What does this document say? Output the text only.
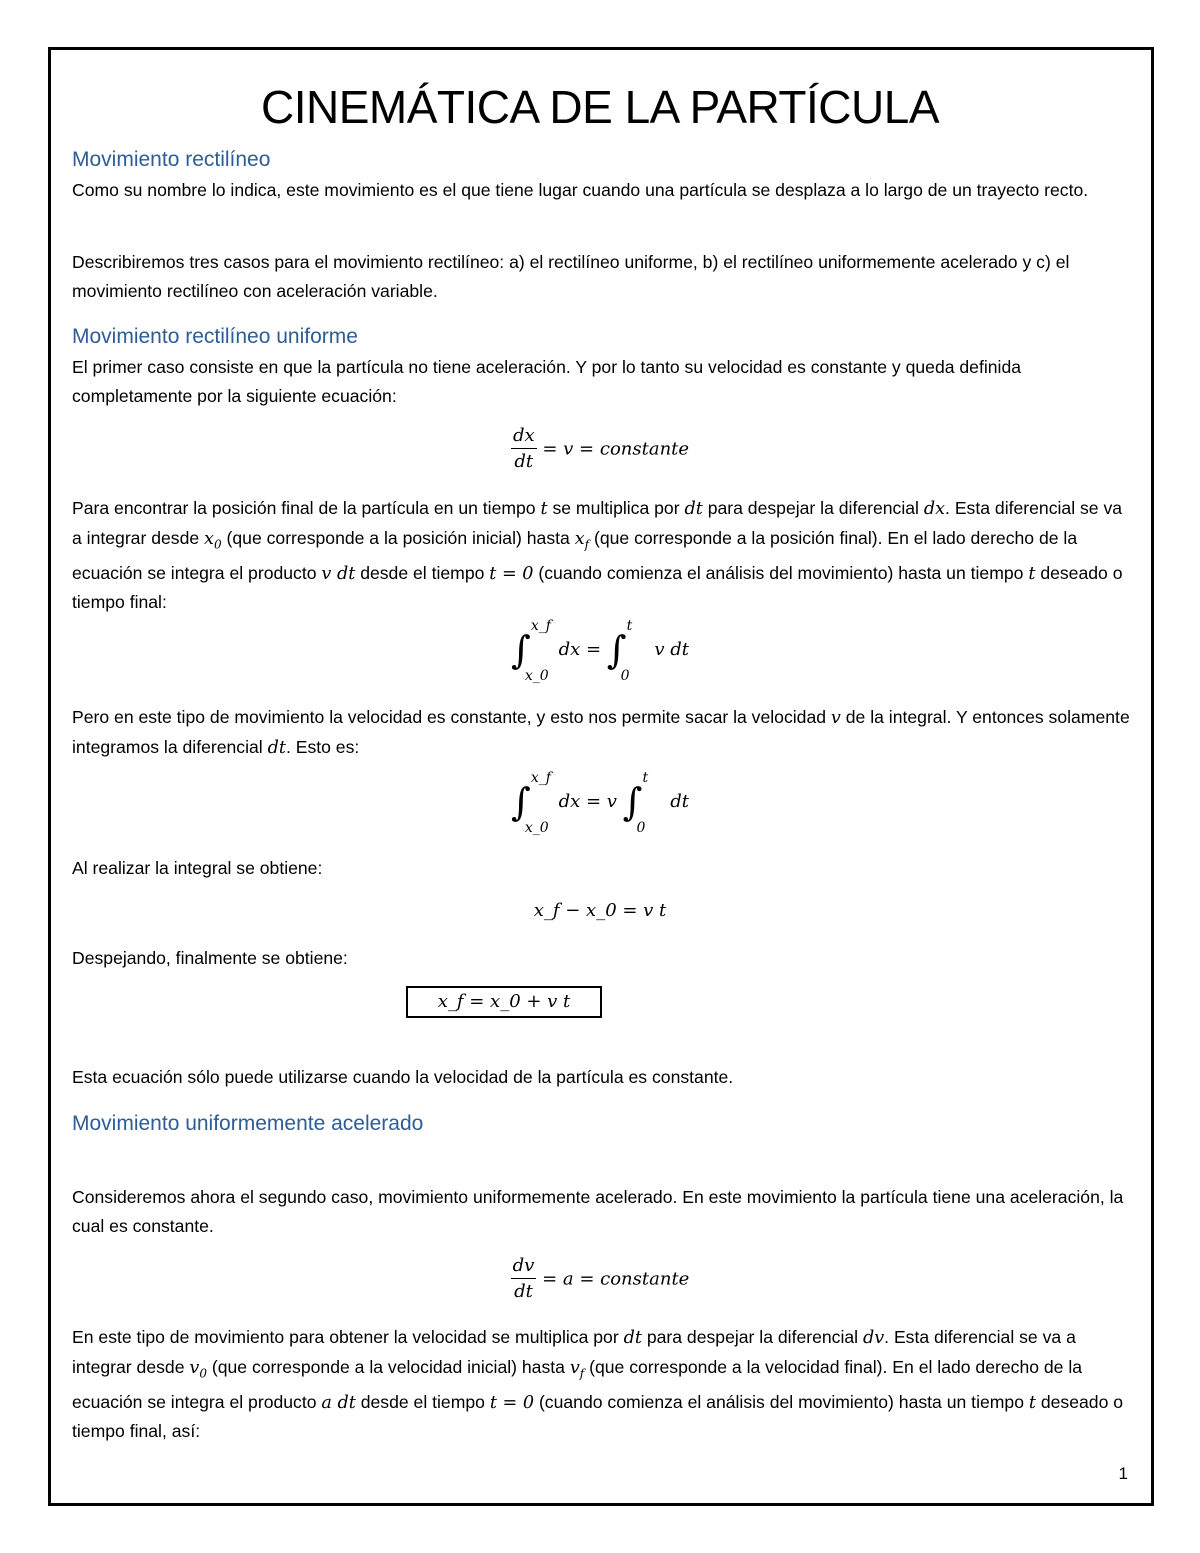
CINEMÁTICA DE LA PARTÍCULA
Movimiento rectilíneo
Como su nombre lo indica, este movimiento es el que tiene lugar cuando una partícula se desplaza a lo largo de un trayecto recto.
Describiremos tres casos para el movimiento rectilíneo: a) el rectilíneo uniforme, b) el rectilíneo uniformemente acelerado y c) el movimiento rectilíneo con aceleración variable.
Movimiento rectilíneo uniforme
El primer caso consiste en que la partícula no tiene aceleración. Y por lo tanto su velocidad es constante y queda definida completamente por la siguiente ecuación:
$\frac{dx}{dt} = v$ = constante
Para encontrar la posición final de la partícula en un tiempo t se multiplica por dt para despejar la diferencial dx. Esta diferencial se va a integrar desde $x_0$ (que corresponde a la posición inicial) hasta $x_f$ (que corresponde a la posición final). En el lado derecho de la ecuación se integra el producto v dt desde el tiempo t = 0 (cuando comienza el análisis del movimiento) hasta un tiempo t deseado o tiempo final:
∫
x_f
x_0
dx = ∫
t
0
v dt
Pero en este tipo de movimiento la velocidad es constante, y esto nos permite sacar la velocidad v de la integral. Y entonces solamente integramos la diferencial dt. Esto es:
∫
x_f
x_0
dx = v ∫
t
0
dt
Al realizar la integral se obtiene:
x_f − x_0 = v t
Despejando, finalmente se obtiene:
x_f = x_0 + v t
Esta ecuación sólo puede utilizarse cuando la velocidad de la partícula es constante.
Movimiento uniformemente acelerado
Consideremos ahora el segundo caso, movimiento uniformemente acelerado. En este movimiento la partícula tiene una aceleración, la cual es constante.
$\frac{dv}{dt} = a$ = constante
En este tipo de movimiento para obtener la velocidad se multiplica por dt para despejar la diferencial dv. Esta diferencial se va a integrar desde $v_0$ (que corresponde a la velocidad inicial) hasta $v_f$ (que corresponde a la velocidad final). En el lado derecho de la ecuación se integra el producto a dt desde el tiempo t = 0 (cuando comienza el análisis del movimiento) hasta un tiempo t deseado o tiempo final, así:
1
